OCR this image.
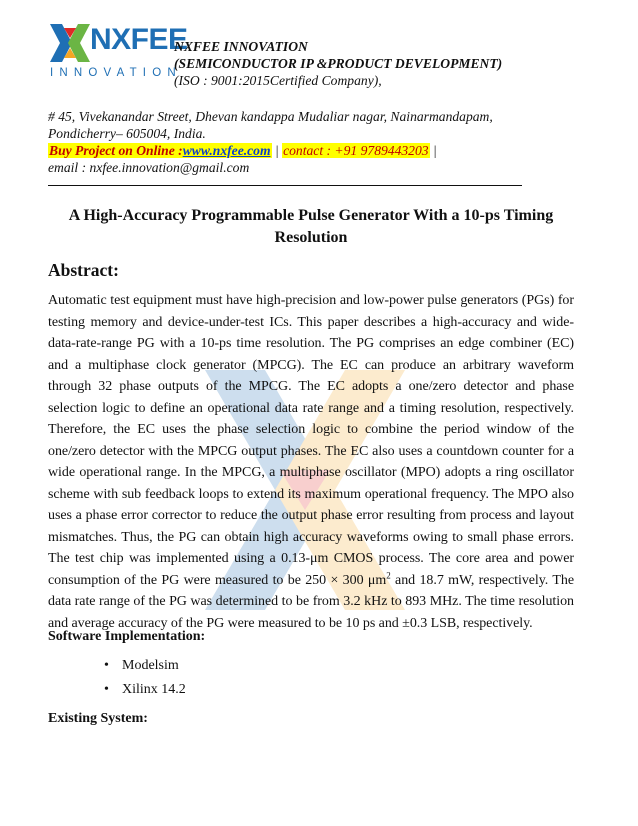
NXFEE
INNOVATION
NXFEE INNOVATION
(SEMICONDUCTOR IP &PRODUCT DEVELOPMENT)
(ISO : 9001:2015Certified Company),
# 45, Vivekanandar Street, Dhevan kandappa Mudaliar nagar, Nainarmandapam,
Pondicherry– 605004, India.
Buy Project on Online :www.nxfee.com | contact : +91 9789443203 |
email : nxfee.innovation@gmail.com
A High-Accuracy Programmable Pulse Generator With a 10-ps Timing Resolution
Abstract:
Automatic test equipment must have high-precision and low-power pulse generators (PGs) for testing memory and device-under-test ICs. This paper describes a high-accuracy and wide-data-rate-range PG with a 10-ps time resolution. The PG comprises an edge combiner (EC) and a multiphase clock generator (MPCG). The EC can produce an arbitrary waveform through 32 phase outputs of the MPCG. The EC adopts a one/zero detector and phase selection logic to define an operational data rate range and a timing resolution, respectively. Therefore, the EC uses the phase selection logic to combine the period window of the one/zero detector with the MPCG output phases. The EC also uses a countdown counter for a wide operational range. In the MPCG, a multiphase oscillator (MPO) adopts a ring oscillator scheme with sub feedback loops to extend its maximum operational frequency. The MPO also uses a phase error corrector to reduce the output phase error resulting from process and layout mismatches. Thus, the PG can obtain high accuracy waveforms owing to small phase errors. The test chip was implemented using a 0.13-μm CMOS process. The core area and power consumption of the PG were measured to be 250 × 300 $\mu m^2$ and 18.7 mW, respectively. The data rate range of the PG was determined to be from 3.2 kHz to 893 MHz. The time resolution and average accuracy of the PG were measured to be 10 ps and ±0.3 LSB, respectively.
Software Implementation:
• Modelsim
• Xilinx 14.2
Existing System:
